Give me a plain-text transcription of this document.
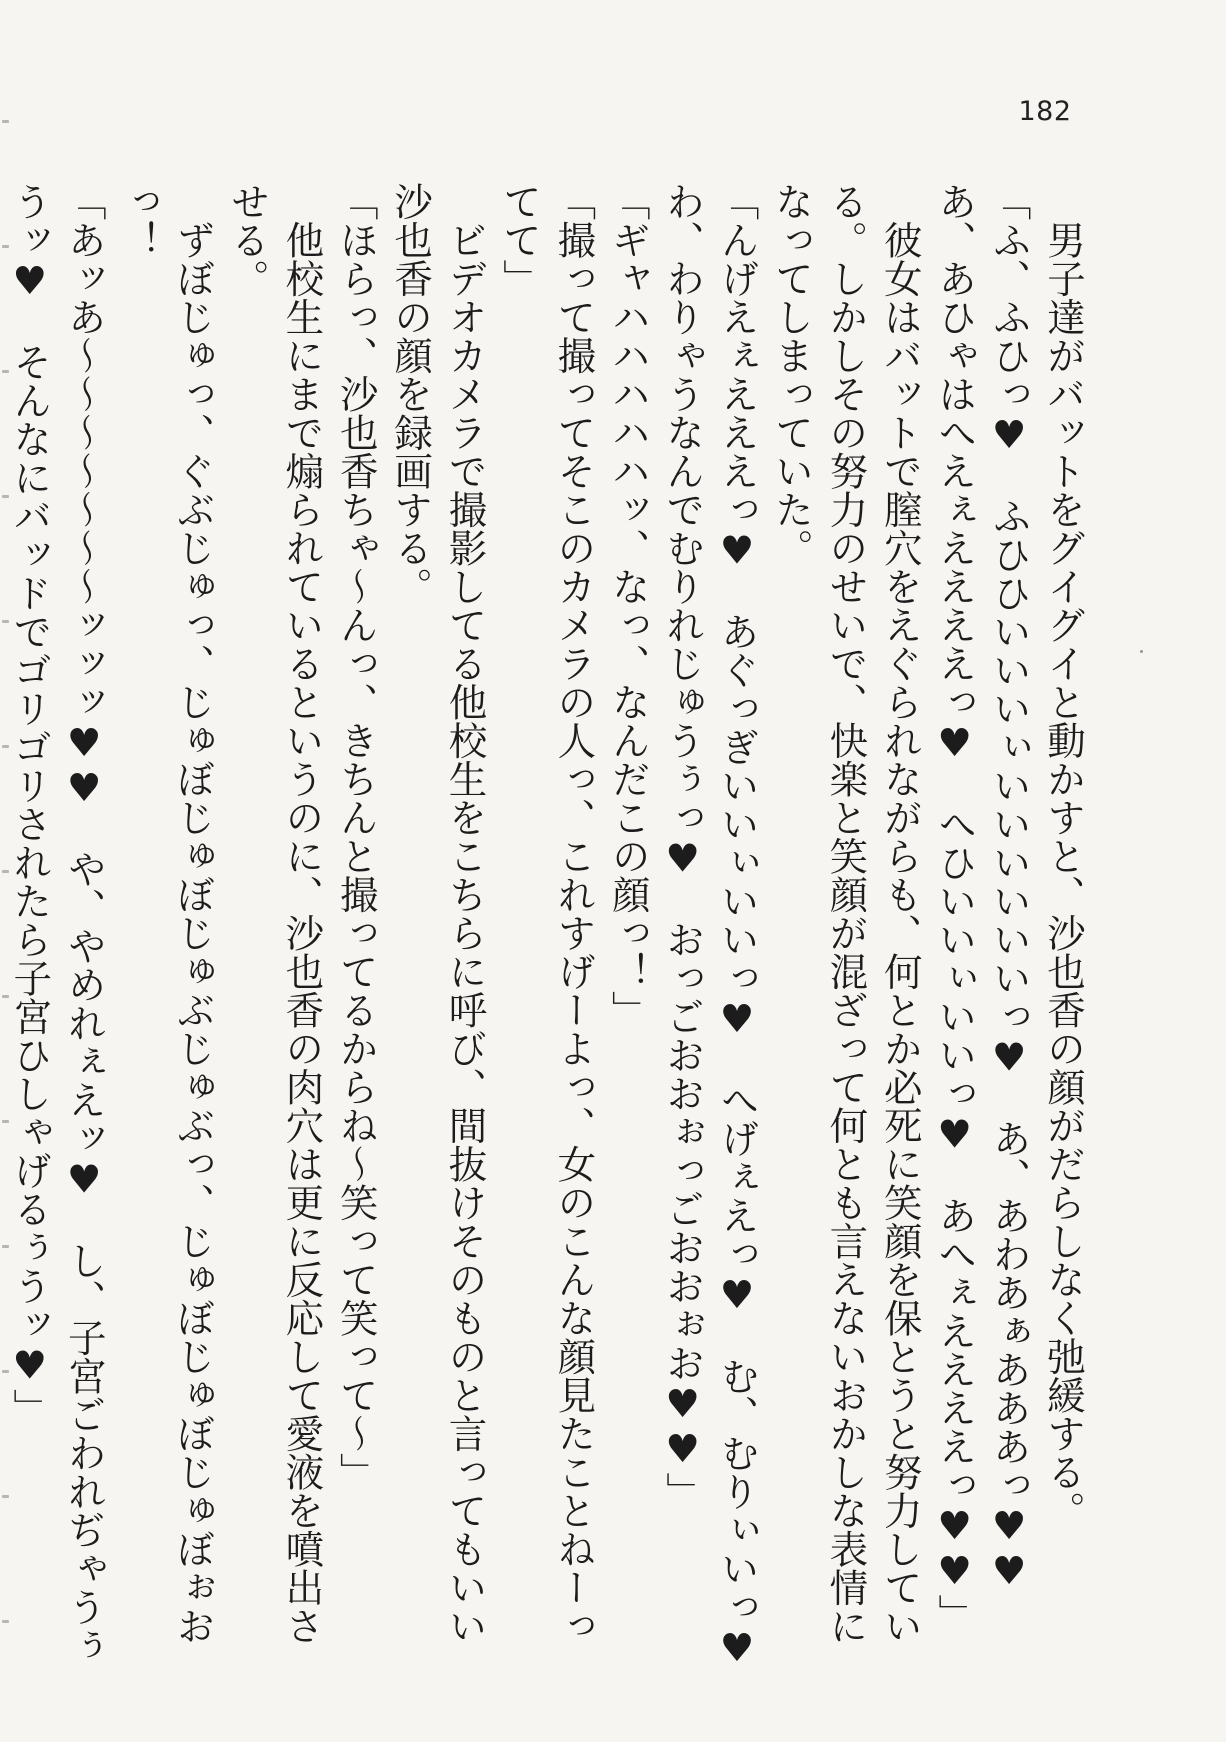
182

　男子達がバットをグイグイと動かすと、沙也香の顔がだらしなく弛緩する。

「ふ、ふひっ♥　ふひひいいいぃいいいいいいっ♥　あ、あわあぁあああっ♥♥　あ、あひゃはへえぇええええっ♥　へひいいぃいいっ♥　あへぇええええっ♥♥」

　彼女はバットで膣穴をえぐられながらも、何とか必死に笑顔を保とうと努力している。しかしその努力のせいで、快楽と笑顔が混ざって何とも言えないおかしな表情になってしまっていた。

「んげえぇえええっ♥　あぐっぎいいぃいいっ♥　へげぇえっ♥　む、むりぃいっ♥　わ、わりゃうなんでむりれじゅうぅっ♥　おっごおおぉっごおおぉお♥♥」

「ギャハハハハハッ、なっ、なんだこの顔っ！」

「撮って撮ってそこのカメラの人っ、これすげーよっ、女のこんな顔見たことねーってて」

　ビデオカメラで撮影してる他校生をこちらに呼び、間抜けそのものと言ってもいい沙也香の顔を録画する。

「ほらっ、沙也香ちゃ〜んっ、きちんと撮ってるからね〜笑って笑って〜」

　他校生にまで煽られているというのに、沙也香の肉穴は更に反応して愛液を噴出させる。

　ずぼじゅっ、ぐぶじゅっ、じゅぼじゅぼじゅぶじゅぶっ、じゅぼじゅぼじゅぼぉおっ！

「あッあ〜〜〜〜〜〜〜ッッッ♥♥　や、やめれぇえッ♥　し、子宮ごわれぢゃうぅうッ♥　そんなにバッドでゴリゴリされたら子宮ひしゃげるぅうッ♥」
